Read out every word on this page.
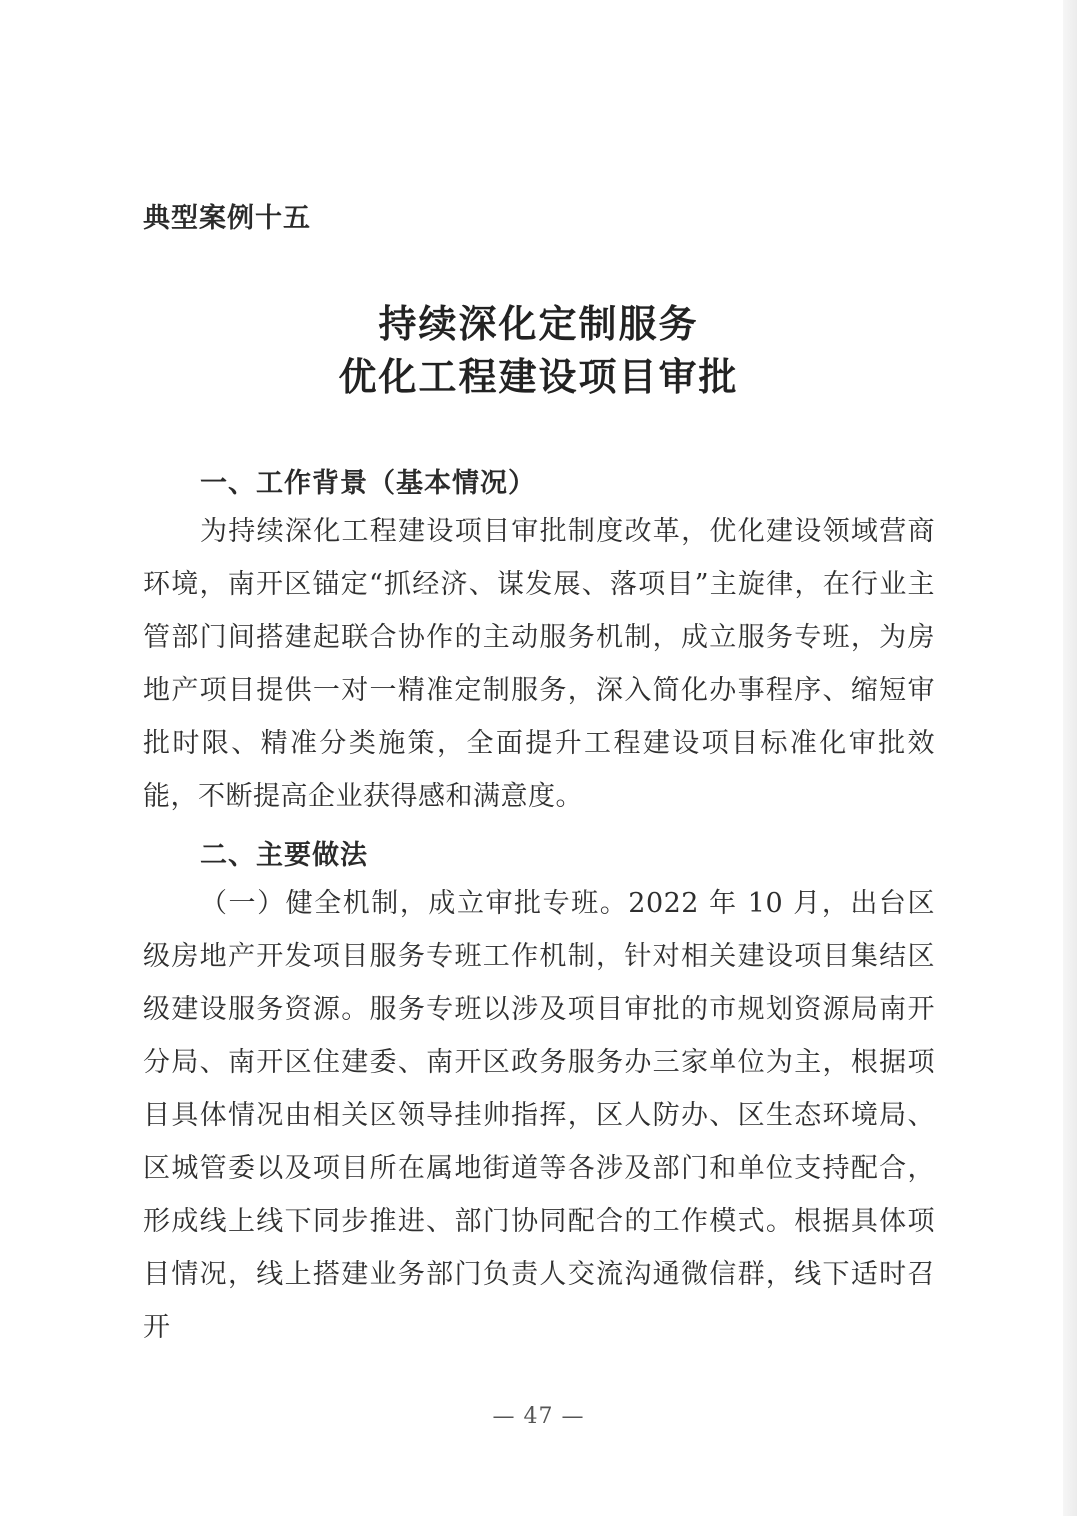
典型案例十五
持续深化定制服务
优化工程建设项目审批
一、工作背景（基本情况）
为持续深化工程建设项目审批制度改革，优化建设领域营商环境，南开区锚定“抓经济、谋发展、落项目”主旋律，在行业主管部门间搭建起联合协作的主动服务机制，成立服务专班，为房地产项目提供一对一精准定制服务，深入简化办事程序、缩短审批时限、精准分类施策，全面提升工程建设项目标准化审批效能，不断提高企业获得感和满意度。
二、主要做法
（一）健全机制，成立审批专班。2022 年 10 月，出台区级房地产开发项目服务专班工作机制，针对相关建设项目集结区级建设服务资源。服务专班以涉及项目审批的市规划资源局南开分局、南开区住建委、南开区政务服务办三家单位为主，根据项目具体情况由相关区领导挂帅指挥，区人防办、区生态环境局、区城管委以及项目所在属地街道等各涉及部门和单位支持配合，形成线上线下同步推进、部门协同配合的工作模式。根据具体项目情况，线上搭建业务部门负责人交流沟通微信群，线下适时召开
— 47 —
